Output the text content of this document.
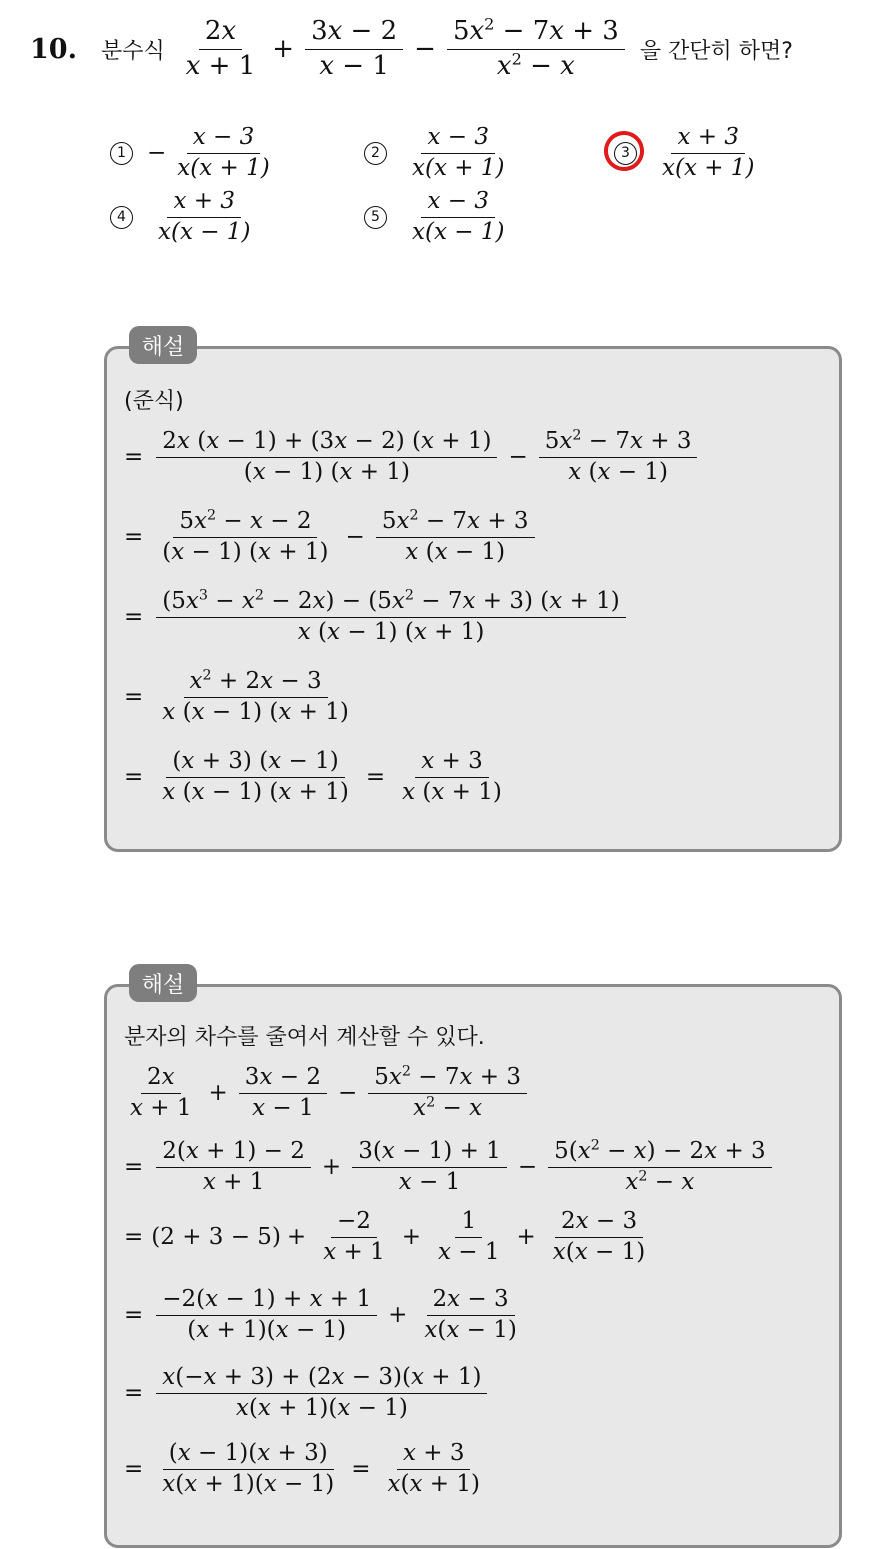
10. 분수식 $\frac{2x}{x + 1} + \frac{3x - 2}{x - 1} - \frac{5x^2 - 7x + 3}{x^2 - x}$ 을 간단히 하면?
$1 - \frac{x - 3}{x(x + 1)}$	2	$\frac{x - 3}{x(x + 1)}$	3	$\frac{x + 3}{x(x + 1)}$
4	$\frac{x + 3}{x(x - 1)}$	5	$\frac{x - 3}{x(x - 1)}$
해설
(준식)
= $\frac{2x (x - 1) + (3x - 2) (x + 1)}{(x - 1) (x + 1)} - \frac{5x^2 - 7x + 3}{x (x - 1)}$
= $\frac{5x^2 - x - 2}{(x - 1) (x + 1)} - \frac{5x^2 - 7x + 3}{x (x - 1)}$
= $\frac{(5x^3 - x^2 - 2x) - (5x^2 - 7x + 3) (x + 1)}{x (x - 1) (x + 1)}$
= $\frac{x^2 + 2x - 3}{x (x - 1) (x + 1)}$
= $\frac{(x + 3) (x - 1)}{x (x - 1) (x + 1)} = \frac{x + 3}{x (x + 1)}$
해설
분자의 차수를 줄여서 계산할 수 있다.
$\frac{2x}{x + 1} + \frac{3x - 2}{x - 1} - \frac{5x^2 - 7x + 3}{x^2 - x}$
= $\frac{2(x + 1) - 2}{x + 1} + \frac{3(x - 1) + 1}{x - 1} - \frac{5(x^2 - x) - 2x + 3}{x^2 - x}$
= $(2 + 3 - 5) + \frac{-2}{x + 1} + \frac{1}{x - 1} + \frac{2x - 3}{x(x - 1)}$
= $\frac{-2(x - 1) + x + 1}{(x + 1)(x - 1)} + \frac{2x - 3}{x(x - 1)}$
= $\frac{x(-x + 3) + (2x - 3)(x + 1)}{x(x + 1)(x - 1)}$
= $\frac{(x - 1)(x + 3)}{x(x + 1)(x - 1)} = \frac{x + 3}{x(x + 1)}$
